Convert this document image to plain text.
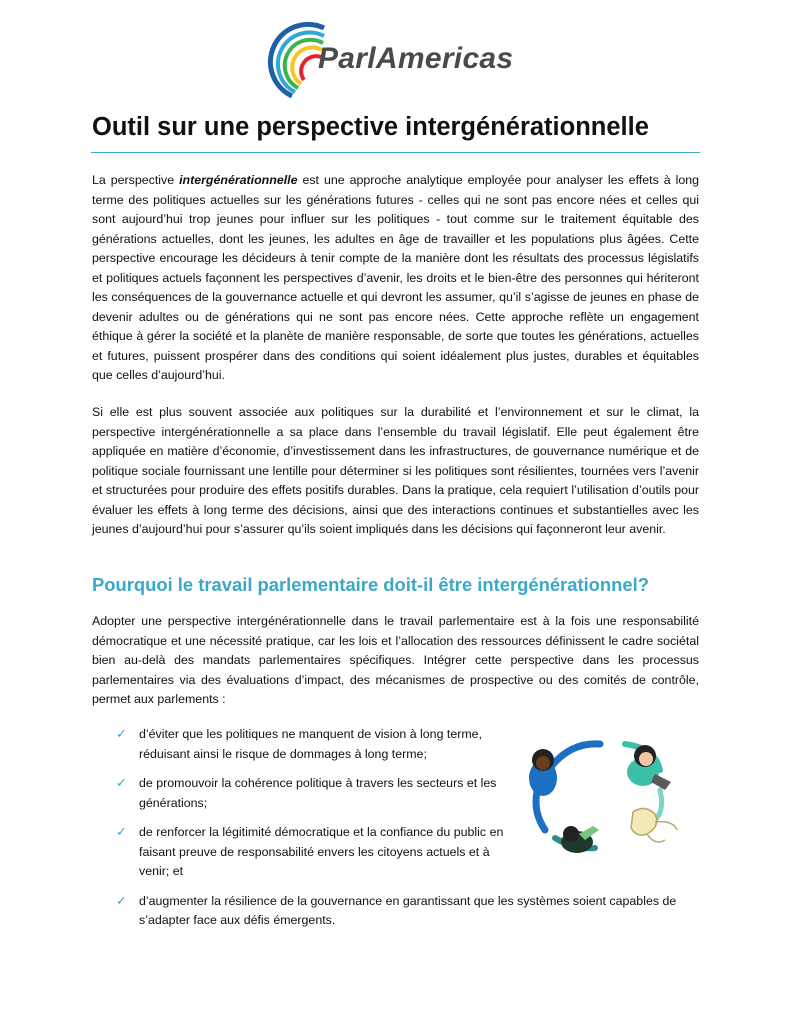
ParlAmericas
Outil sur une perspective intergénérationnelle

La perspective intergénérationnelle est une approche analytique employée pour analyser les effets à long terme des politiques actuelles sur les générations futures - celles qui ne sont pas encore nées et celles qui sont aujourd’hui trop jeunes pour influer sur les politiques - tout comme sur le traitement équitable des générations actuelles, dont les jeunes, les adultes en âge de travailler et les populations plus âgées. Cette perspective encourage les décideurs à tenir compte de la manière dont les résultats des processus législatifs et politiques actuels façonnent les perspectives d’avenir, les droits et le bien-être des personnes qui hériteront les conséquences de la gouvernance actuelle et qui devront les assumer, qu’il s’agisse de jeunes en phase de devenir adultes ou de générations qui ne sont pas encore nées. Cette approche reflète un engagement éthique à gérer la société et la planète de manière responsable, de sorte que toutes les générations, actuelles et futures, puissent prospérer dans des conditions qui soient idéalement plus justes, durables et équitables que celles d’aujourd’hui.

Si elle est plus souvent associée aux politiques sur la durabilité et l’environnement et sur le climat, la perspective intergénérationnelle a sa place dans l’ensemble du travail législatif. Elle peut également être appliquée en matière d’économie, d’investissement dans les infrastructures, de gouvernance numérique et de politique sociale fournissant une lentille pour déterminer si les politiques sont résilientes, tournées vers l’avenir et structurées pour produire des effets positifs durables. Dans la pratique, cela requiert l’utilisation d’outils pour évaluer les effets à long terme des décisions, ainsi que des interactions continues et substantielles avec les jeunes d’aujourd’hui pour s’assurer qu’ils soient impliqués dans les décisions qui façonneront leur avenir.

Pourquoi le travail parlementaire doit-il être intergénérationnel?

Adopter une perspective intergénérationnelle dans le travail parlementaire est à la fois une responsabilité démocratique et une nécessité pratique, car les lois et l’allocation des ressources définissent le cadre sociétal bien au-delà des mandats parlementaires spécifiques. Intégrer cette perspective dans les processus parlementaires via des évaluations d’impact, des mécanismes de prospective ou des comités de contrôle, permet aux parlements :

✓ d’éviter que les politiques ne manquent de vision à long terme, réduisant ainsi le risque de dommages à long terme;
✓ de promouvoir la cohérence politique à travers les secteurs et les générations;
✓ de renforcer la légitimité démocratique et la confiance du public en faisant preuve de responsabilité envers les citoyens actuels et à venir; et
✓ d’augmenter la résilience de la gouvernance en garantissant que les systèmes soient capables de s’adapter face aux défis émergents.
